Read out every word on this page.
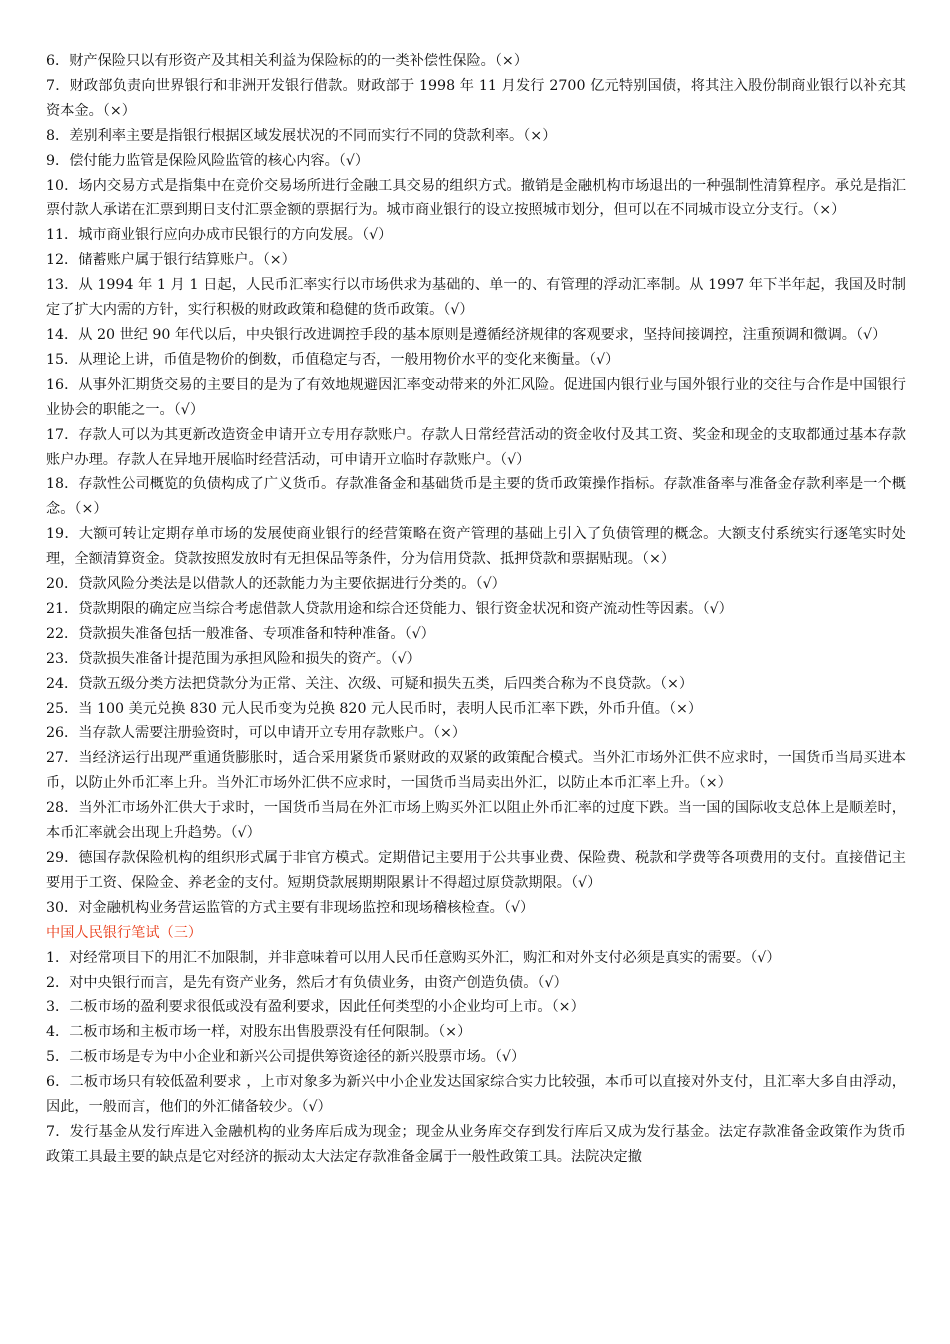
6．财产保险只以有形资产及其相关利益为保险标的的一类补偿性保险。（×）

7．财政部负责向世界银行和非洲开发银行借款。财政部于 1998 年 11 月发行 2700 亿元特别国债，将其注入股份制商业银行以补充其资本金。（×）

8．差别利率主要是指银行根据区域发展状况的不同而实行不同的贷款利率。（×）

9．偿付能力监管是保险风险监管的核心内容。（√）

10．场内交易方式是指集中在竞价交易场所进行金融工具交易的组织方式。撤销是金融机构市场退出的一种强制性清算程序。承兑是指汇票付款人承诺在汇票到期日支付汇票金额的票据行为。城市商业银行的设立按照城市划分，但可以在不同城市设立分支行。（×）

11．城市商业银行应向办成市民银行的方向发展。（√）

12．储蓄账户属于银行结算账户。（×）

13．从 1994 年 1 月 1 日起，人民币汇率实行以市场供求为基础的、单一的、有管理的浮动汇率制。从 1997 年下半年起，我国及时制定了扩大内需的方针，实行积极的财政政策和稳健的货币政策。（√）

14．从 20 世纪 90 年代以后，中央银行改进调控手段的基本原则是遵循经济规律的客观要求，坚持间接调控，注重预调和微调。（√）

15．从理论上讲，币值是物价的倒数，币值稳定与否，一般用物价水平的变化来衡量。（√）

16．从事外汇期货交易的主要目的是为了有效地规避因汇率变动带来的外汇风险。促进国内银行业与国外银行业的交往与合作是中国银行业协会的职能之一。（√）

17．存款人可以为其更新改造资金申请开立专用存款账户。存款人日常经营活动的资金收付及其工资、奖金和现金的支取都通过基本存款账户办理。存款人在异地开展临时经营活动，可申请开立临时存款账户。（√）

18．存款性公司概览的负债构成了广义货币。存款准备金和基础货币是主要的货币政策操作指标。存款准备率与准备金存款利率是一个概念。（×）

19．大额可转让定期存单市场的发展使商业银行的经营策略在资产管理的基础上引入了负债管理的概念。大额支付系统实行逐笔实时处理，全额清算资金。贷款按照发放时有无担保品等条件，分为信用贷款、抵押贷款和票据贴现。（×）

20．贷款风险分类法是以借款人的还款能力为主要依据进行分类的。（√）

21．贷款期限的确定应当综合考虑借款人贷款用途和综合还贷能力、银行资金状况和资产流动性等因素。（√）

22．贷款损失准备包括一般准备、专项准备和特种准备。（√）

23．贷款损失准备计提范围为承担风险和损失的资产。（√）

24．贷款五级分类方法把贷款分为正常、关注、次级、可疑和损失五类，后四类合称为不良贷款。（×）

25．当 100 美元兑换 830 元人民币变为兑换 820 元人民币时，表明人民币汇率下跌，外币升值。（×）

26．当存款人需要注册验资时，可以申请开立专用存款账户。（×）

27．当经济运行出现严重通货膨胀时，适合采用紧货币紧财政的双紧的政策配合模式。当外汇市场外汇供不应求时，一国货币当局买进本币，以防止外币汇率上升。当外汇市场外汇供不应求时，一国货币当局卖出外汇，以防止本币汇率上升。（×）

28．当外汇市场外汇供大于求时，一国货币当局在外汇市场上购买外汇以阻止外币汇率的过度下跌。当一国的国际收支总体上是顺差时，本币汇率就会出现上升趋势。（√）

29．德国存款保险机构的组织形式属于非官方模式。定期借记主要用于公共事业费、保险费、税款和学费等各项费用的支付。直接借记主要用于工资、保险金、养老金的支付。短期贷款展期期限累计不得超过原贷款期限。（√）

30．对金融机构业务营运监管的方式主要有非现场监控和现场稽核检查。（√）

中国人民银行笔试（三）

1．对经常项目下的用汇不加限制，并非意味着可以用人民币任意购买外汇，购汇和对外支付必须是真实的需要。（√）

2．对中央银行而言，是先有资产业务，然后才有负债业务，由资产创造负债。（√）

3．二板市场的盈利要求很低或没有盈利要求，因此任何类型的小企业均可上市。（×）

4．二板市场和主板市场一样，对股东出售股票没有任何限制。（×）

5．二板市场是专为中小企业和新兴公司提供筹资途径的新兴股票市场。（√）

6．二板市场只有较低盈利要求 ，上市对象多为新兴中小企业发达国家综合实力比较强，本币可以直接对外支付，且汇率大多自由浮动，因此，一般而言，他们的外汇储备较少。（√）

7．发行基金从发行库进入金融机构的业务库后成为现金；现金从业务库交存到发行库后又成为发行基金。法定存款准备金政策作为货币政策工具最主要的缺点是它对经济的振动太大法定存款准备金属于一般性政策工具。法院决定撤
